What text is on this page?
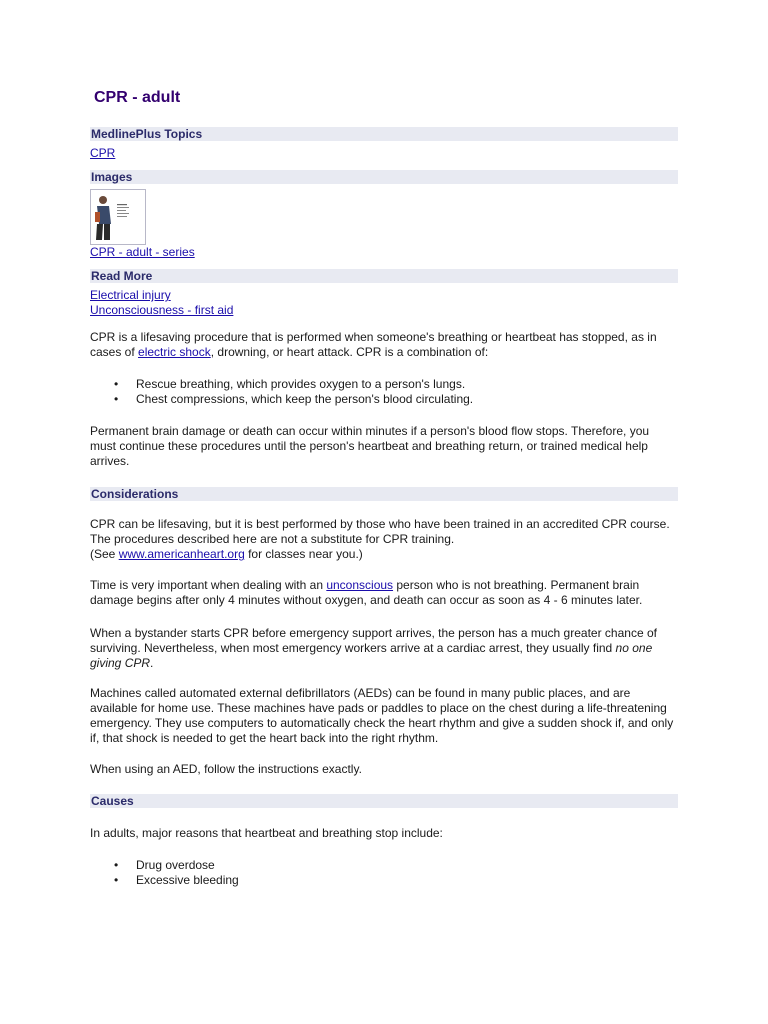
CPR - adult
MedlinePlus Topics
CPR
Images
CPR - adult - series
Read More
Electrical injury
Unconsciousness - first aid
CPR is a lifesaving procedure that is performed when someone's breathing or heartbeat has stopped, as in cases of electric shock, drowning, or heart attack. CPR is a combination of:
• Rescue breathing, which provides oxygen to a person's lungs.
• Chest compressions, which keep the person's blood circulating.
Permanent brain damage or death can occur within minutes if a person's blood flow stops. Therefore, you must continue these procedures until the person's heartbeat and breathing return, or trained medical help arrives.
Considerations
CPR can be lifesaving, but it is best performed by those who have been trained in an accredited CPR course. The procedures described here are not a substitute for CPR training.
(See www.americanheart.org for classes near you.)
Time is very important when dealing with an unconscious person who is not breathing. Permanent brain damage begins after only 4 minutes without oxygen, and death can occur as soon as 4 - 6 minutes later.
When a bystander starts CPR before emergency support arrives, the person has a much greater chance of surviving. Nevertheless, when most emergency workers arrive at a cardiac arrest, they usually find no one giving CPR.
Machines called automated external defibrillators (AEDs) can be found in many public places, and are available for home use. These machines have pads or paddles to place on the chest during a life-threatening emergency. They use computers to automatically check the heart rhythm and give a sudden shock if, and only if, that shock is needed to get the heart back into the right rhythm.
When using an AED, follow the instructions exactly.
Causes
In adults, major reasons that heartbeat and breathing stop include:
• Drug overdose
• Excessive bleeding
